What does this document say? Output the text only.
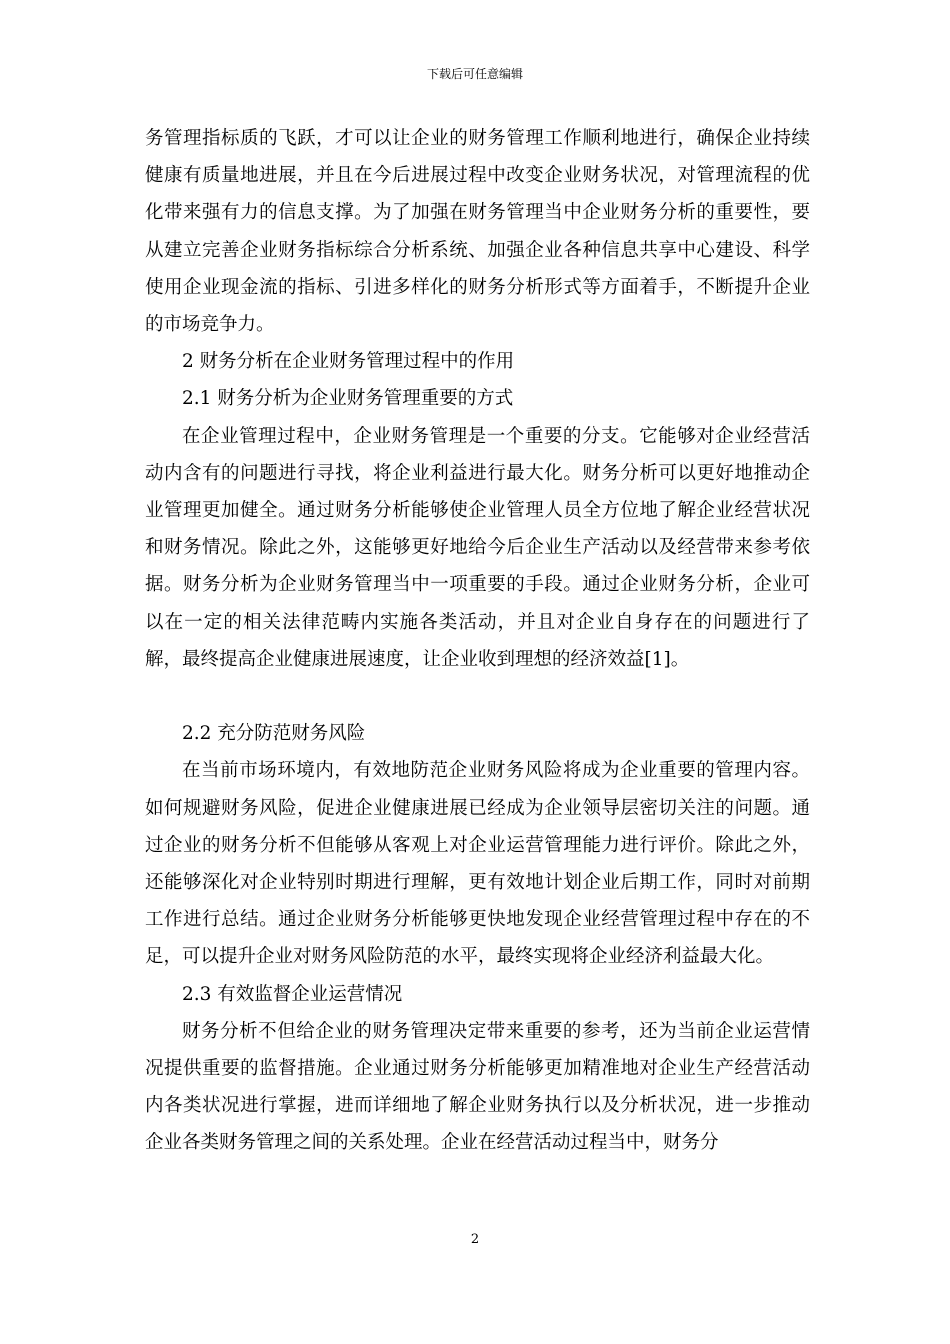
下载后可任意编辑

务管理指标质的飞跃，才可以让企业的财务管理工作顺利地进行，确保企业持续健康有质量地进展，并且在今后进展过程中改变企业财务状况，对管理流程的优化带来强有力的信息支撑。为了加强在财务管理当中企业财务分析的重要性，要从建立完善企业财务指标综合分析系统、加强企业各种信息共享中心建设、科学使用企业现金流的指标、引进多样化的财务分析形式等方面着手，不断提升企业的市场竞争力。

2 财务分析在企业财务管理过程中的作用

2.1 财务分析为企业财务管理重要的方式

在企业管理过程中，企业财务管理是一个重要的分支。它能够对企业经营活动内含有的问题进行寻找，将企业利益进行最大化。财务分析可以更好地推动企业管理更加健全。通过财务分析能够使企业管理人员全方位地了解企业经营状况和财务情况。除此之外，这能够更好地给今后企业生产活动以及经营带来参考依据。财务分析为企业财务管理当中一项重要的手段。通过企业财务分析，企业可以在一定的相关法律范畴内实施各类活动，并且对企业自身存在的问题进行了解，最终提高企业健康进展速度，让企业收到理想的经济效益[1]。

2.2 充分防范财务风险

在当前市场环境内，有效地防范企业财务风险将成为企业重要的管理内容。如何规避财务风险，促进企业健康进展已经成为企业领导层密切关注的问题。通过企业的财务分析不但能够从客观上对企业运营管理能力进行评价。除此之外，还能够深化对企业特别时期进行理解，更有效地计划企业后期工作，同时对前期工作进行总结。通过企业财务分析能够更快地发现企业经营管理过程中存在的不足，可以提升企业对财务风险防范的水平，最终实现将企业经济利益最大化。

2.3 有效监督企业运营情况

财务分析不但给企业的财务管理决定带来重要的参考，还为当前企业运营情况提供重要的监督措施。企业通过财务分析能够更加精准地对企业生产经营活动内各类状况进行掌握，进而详细地了解企业财务执行以及分析状况，进一步推动企业各类财务管理之间的关系处理。企业在经营活动过程当中，财务分

2
